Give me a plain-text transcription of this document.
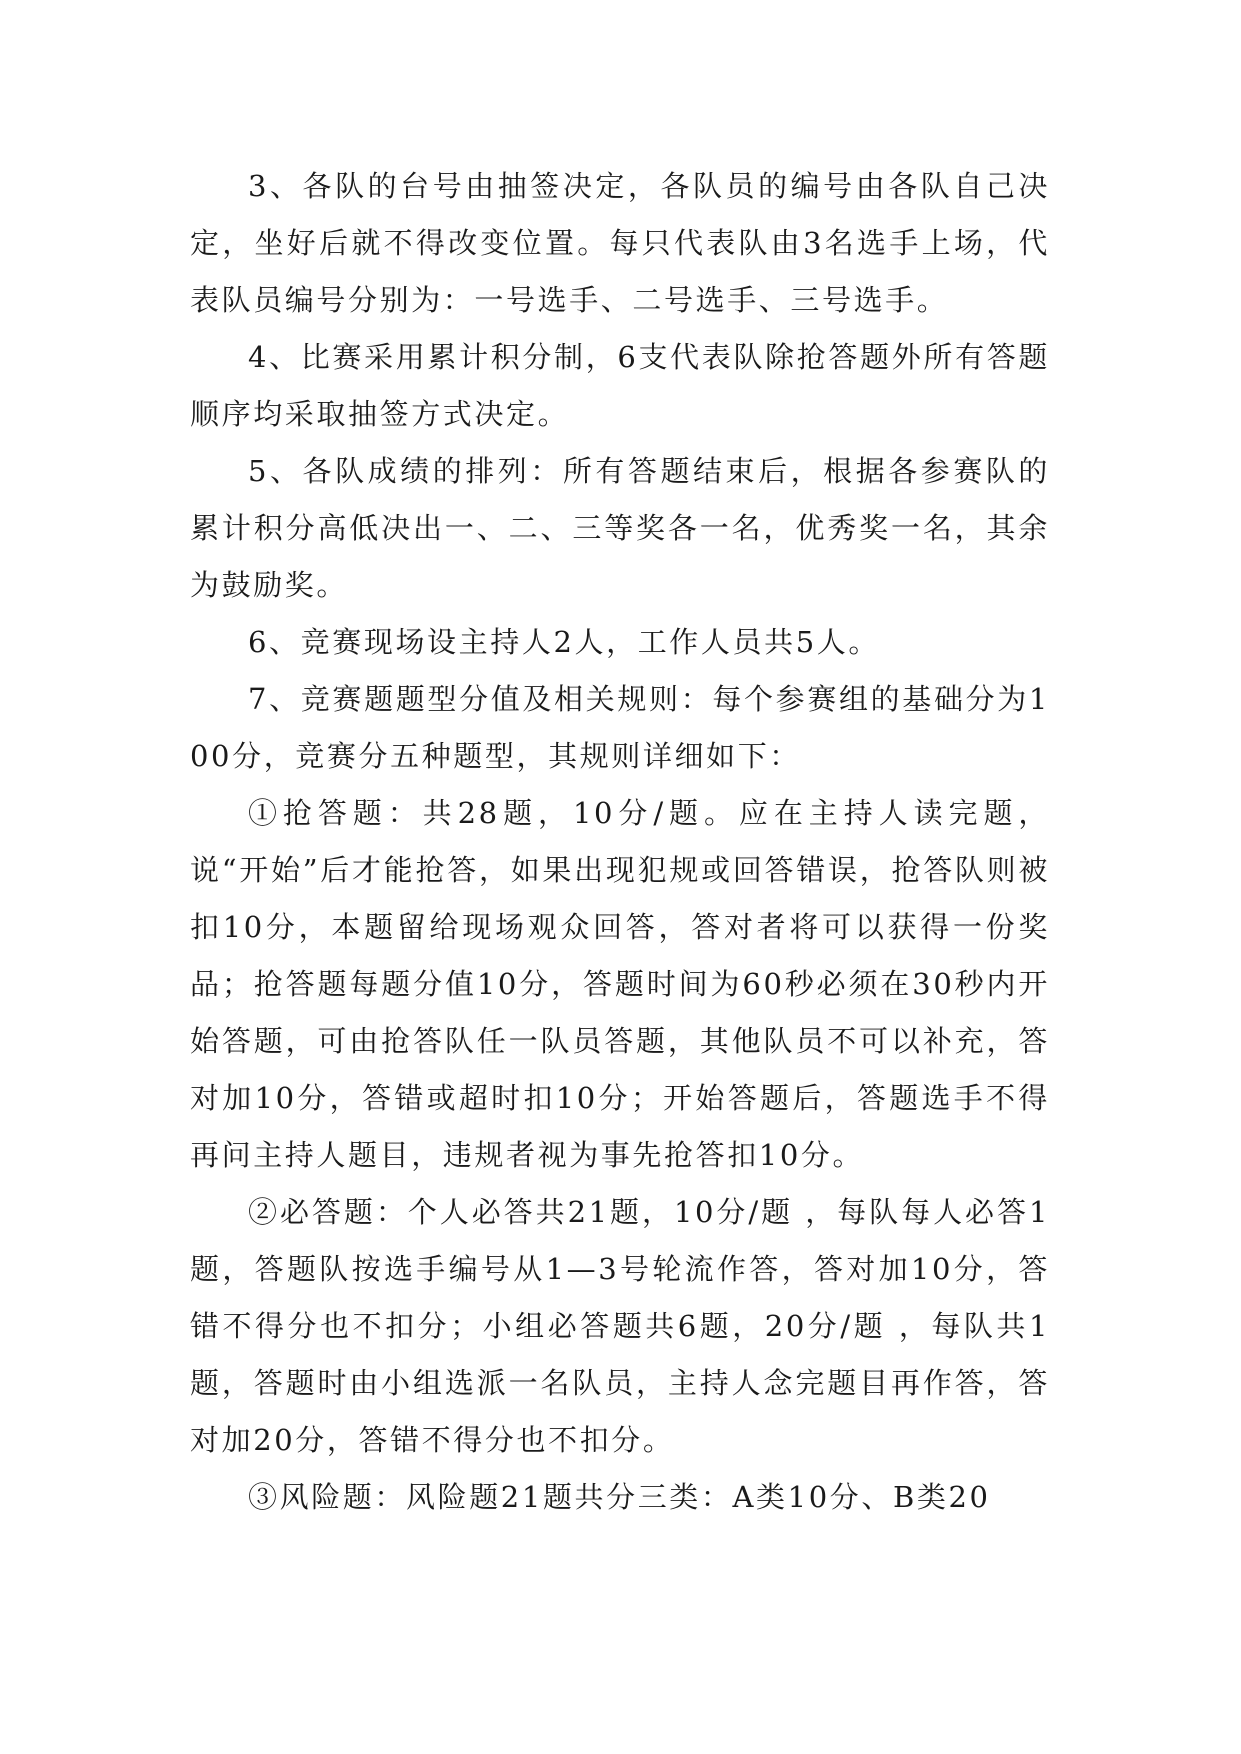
3、各队的台号由抽签决定，各队员的编号由各队自己决定，坐好后就不得改变位置。每只代表队由3名选手上场，代表队员编号分别为：一号选手、二号选手、三号选手。

4、比赛采用累计积分制，6支代表队除抢答题外所有答题顺序均采取抽签方式决定。

5、各队成绩的排列：所有答题结束后，根据各参赛队的累计积分高低决出一、二、三等奖各一名，优秀奖一名，其余为鼓励奖。

6、竞赛现场设主持人2人，工作人员共5人。

7、竞赛题题型分值及相关规则：每个参赛组的基础分为100分，竞赛分五种题型，其规则详细如下：

①抢答题：共28题，10分/题。应在主持人读完题，说“开始”后才能抢答，如果出现犯规或回答错误，抢答队则被扣10分，本题留给现场观众回答，答对者将可以获得一份奖品；抢答题每题分值10分，答题时间为60秒必须在30秒内开始答题，可由抢答队任一队员答题，其他队员不可以补充，答对加10分，答错或超时扣10分；开始答题后，答题选手不得再问主持人题目，违规者视为事先抢答扣10分。

②必答题：个人必答共21题，10分/题 ，每队每人必答1题，答题队按选手编号从1—3号轮流作答，答对加10分，答错不得分也不扣分；小组必答题共6题，20分/题 ，每队共1题，答题时由小组选派一名队员，主持人念完题目再作答，答对加20分，答错不得分也不扣分。

③风险题：风险题21题共分三类：A类10分、B类20
